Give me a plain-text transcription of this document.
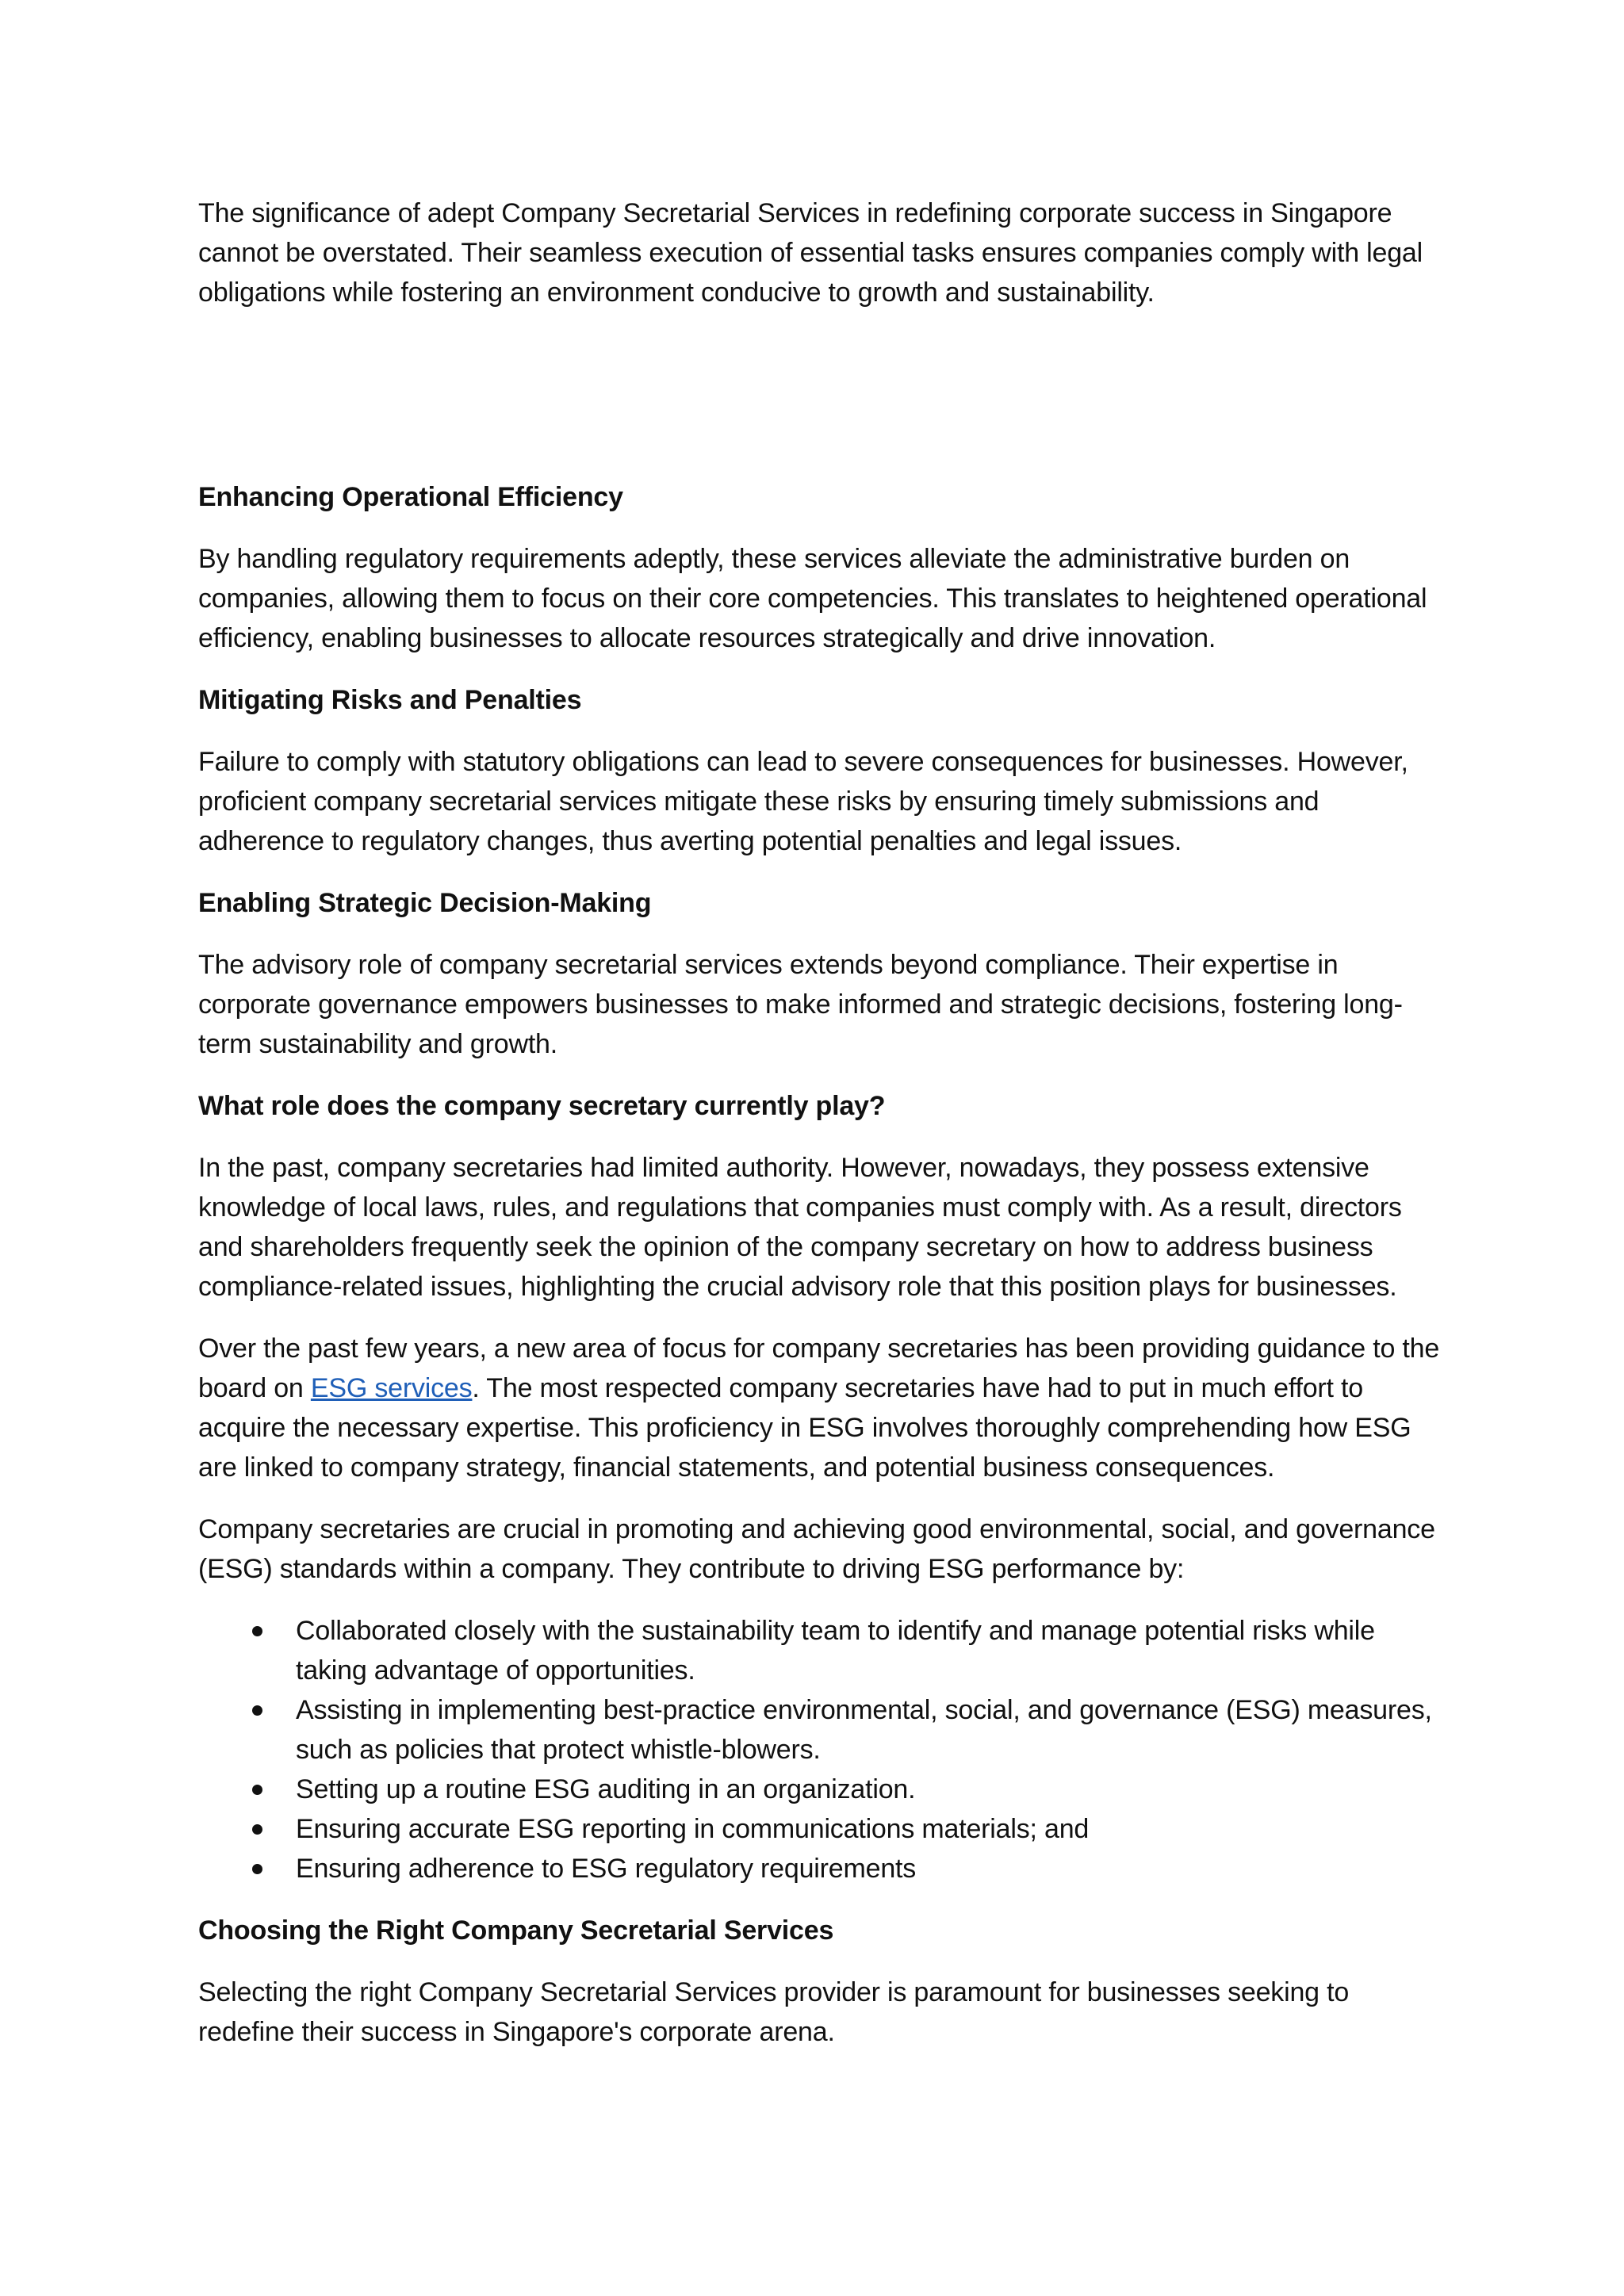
The significance of adept Company Secretarial Services in redefining corporate success in Singapore cannot be overstated. Their seamless execution of essential tasks ensures companies comply with legal obligations while fostering an environment conducive to growth and sustainability.

Enhancing Operational Efficiency

By handling regulatory requirements adeptly, these services alleviate the administrative burden on companies, allowing them to focus on their core competencies. This translates to heightened operational efficiency, enabling businesses to allocate resources strategically and drive innovation.

Mitigating Risks and Penalties

Failure to comply with statutory obligations can lead to severe consequences for businesses. However, proficient company secretarial services mitigate these risks by ensuring timely submissions and adherence to regulatory changes, thus averting potential penalties and legal issues.

Enabling Strategic Decision-Making

The advisory role of company secretarial services extends beyond compliance. Their expertise in corporate governance empowers businesses to make informed and strategic decisions, fostering long-term sustainability and growth.

What role does the company secretary currently play?

In the past, company secretaries had limited authority. However, nowadays, they possess extensive knowledge of local laws, rules, and regulations that companies must comply with. As a result, directors and shareholders frequently seek the opinion of the company secretary on how to address business compliance-related issues, highlighting the crucial advisory role that this position plays for businesses.

Over the past few years, a new area of focus for company secretaries has been providing guidance to the board on ESG services. The most respected company secretaries have had to put in much effort to acquire the necessary expertise. This proficiency in ESG involves thoroughly comprehending how ESG are linked to company strategy, financial statements, and potential business consequences.

Company secretaries are crucial in promoting and achieving good environmental, social, and governance (ESG) standards within a company. They contribute to driving ESG performance by:

Collaborated closely with the sustainability team to identify and manage potential risks while taking advantage of opportunities.
Assisting in implementing best-practice environmental, social, and governance (ESG) measures, such as policies that protect whistle-blowers.
Setting up a routine ESG auditing in an organization.
Ensuring accurate ESG reporting in communications materials; and
Ensuring adherence to ESG regulatory requirements

Choosing the Right Company Secretarial Services

Selecting the right Company Secretarial Services provider is paramount for businesses seeking to redefine their success in Singapore's corporate arena.
